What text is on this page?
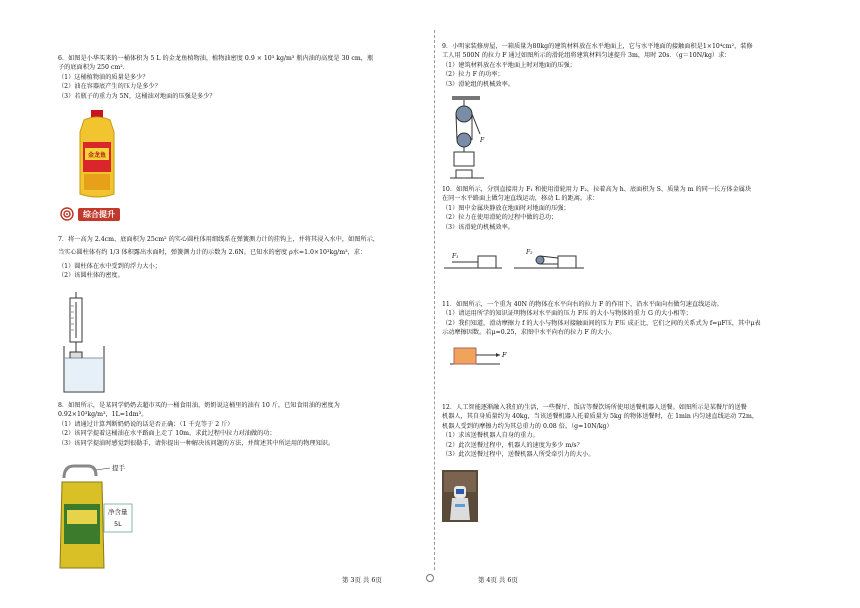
6．如图是小华买来的一桶体积为 5 L 的金龙鱼植物油，植物油密度 0.9 × 10³ kg/m³ 瓶内油的高度是 30 cm，瓶

子的底面积为 250 cm²．

（1）这桶植物油的质量是多少？

（2）油在容器底产生的压力是多少？

（3）若瓶子的重力为 5N，这桶油对地面的压强是多少？

金龙鱼
综合提升

7．将一高为 2.4cm、底面积为 25cm² 的实心圆柱体用细线系在弹簧测力计的挂钩上，并将其浸入水中，如图所示，

当实心圆柱体有约 1/3 体积露出水面时，弹簧测力计的示数为 2.6N。已知水的密度 ρ水=1.0×10³kg/m³，求：

（1）圆柱体在水中受到的浮力大小；

（2）该圆柱体的密度。

8．如图所示，是某同学奶奶去超市买的一桶食用油，奶奶说这桶里的油有 10 斤，已知食用油的密度为

0.92×10³kg/m³，1L=1dm³。

（1）请通过计算判断奶奶说的话是否正确；（1 千克等于 2 斤）

（2）该同学提着这桶油在水平路面上走了 10m，求此过程中拉力对油做的功；

（3）该同学提油时感觉到很勒手，请你提出一种解决该问题的方法，并简述其中所运用的物理知识。

提手
净含量
5L
第 3页 共 6页

9．小明家装修房屋，一箱质量为80kg的建筑材料放在水平地面上，它与水平地面的接触面积是1×10⁴cm²，装修

工人用 500N 的拉力 F 通过如图所示的滑轮组将建筑材料匀速提升 3m，用时 20s．（g＝10N/kg）求：

（1）建筑材料放在水平地面上时对地面的压强；

（2）拉力 F 的功率；

（3）滑轮组的机械效率。

F

10．如图所示，分别直接用力 F₁ 和使用滑轮用力 F₂，拉着高为 h、底面积为 S、质量为 m 的同一长方体金属块

在同一水平路面上做匀速直线运动，移动 L 的距离。求：

（1）图中金属块静放在地面时对地面的压强；

（2）拉力在使用滑轮的过程中做的总功；

（3）该滑轮的机械效率。

F₁
F₂

11．如图所示，一个重为 40N 的物体在水平向右的拉力 F 的作用下，沿水平面向右做匀速直线运动。

（1）请运用所学的知识证明物体对水平面的压力 F压 的大小与物体的重力 G 的大小相等；

（2）我们知道，滑动摩擦力 f 的大小与物体对接触面间的压力 F压 成正比，它们之间的关系式为 f=μF压，其中μ表

示动摩擦因数。若μ=0.25，求图中水平向右的拉力 F 的大小。

F

12．人工智能逐渐融入我们的生活，一些餐厅、饭店等餐饮场所使用送餐机器人送餐。如图所示是某餐厅的送餐

机器人，其自身质量约为 40kg，当该送餐机器人托着质量为 5kg 的物体送餐时，在 1min 内匀速直线运动 72m，

机器人受到的摩擦力约为其总重力的 0.08 倍。（g=10N/kg）

（1）求该送餐机器人自身的重力。

（2）此次送餐过程中，机器人的速度为多少 m/s？

（3）此次送餐过程中，送餐机器人所受牵引力的大小。

第 4页 共 6页
